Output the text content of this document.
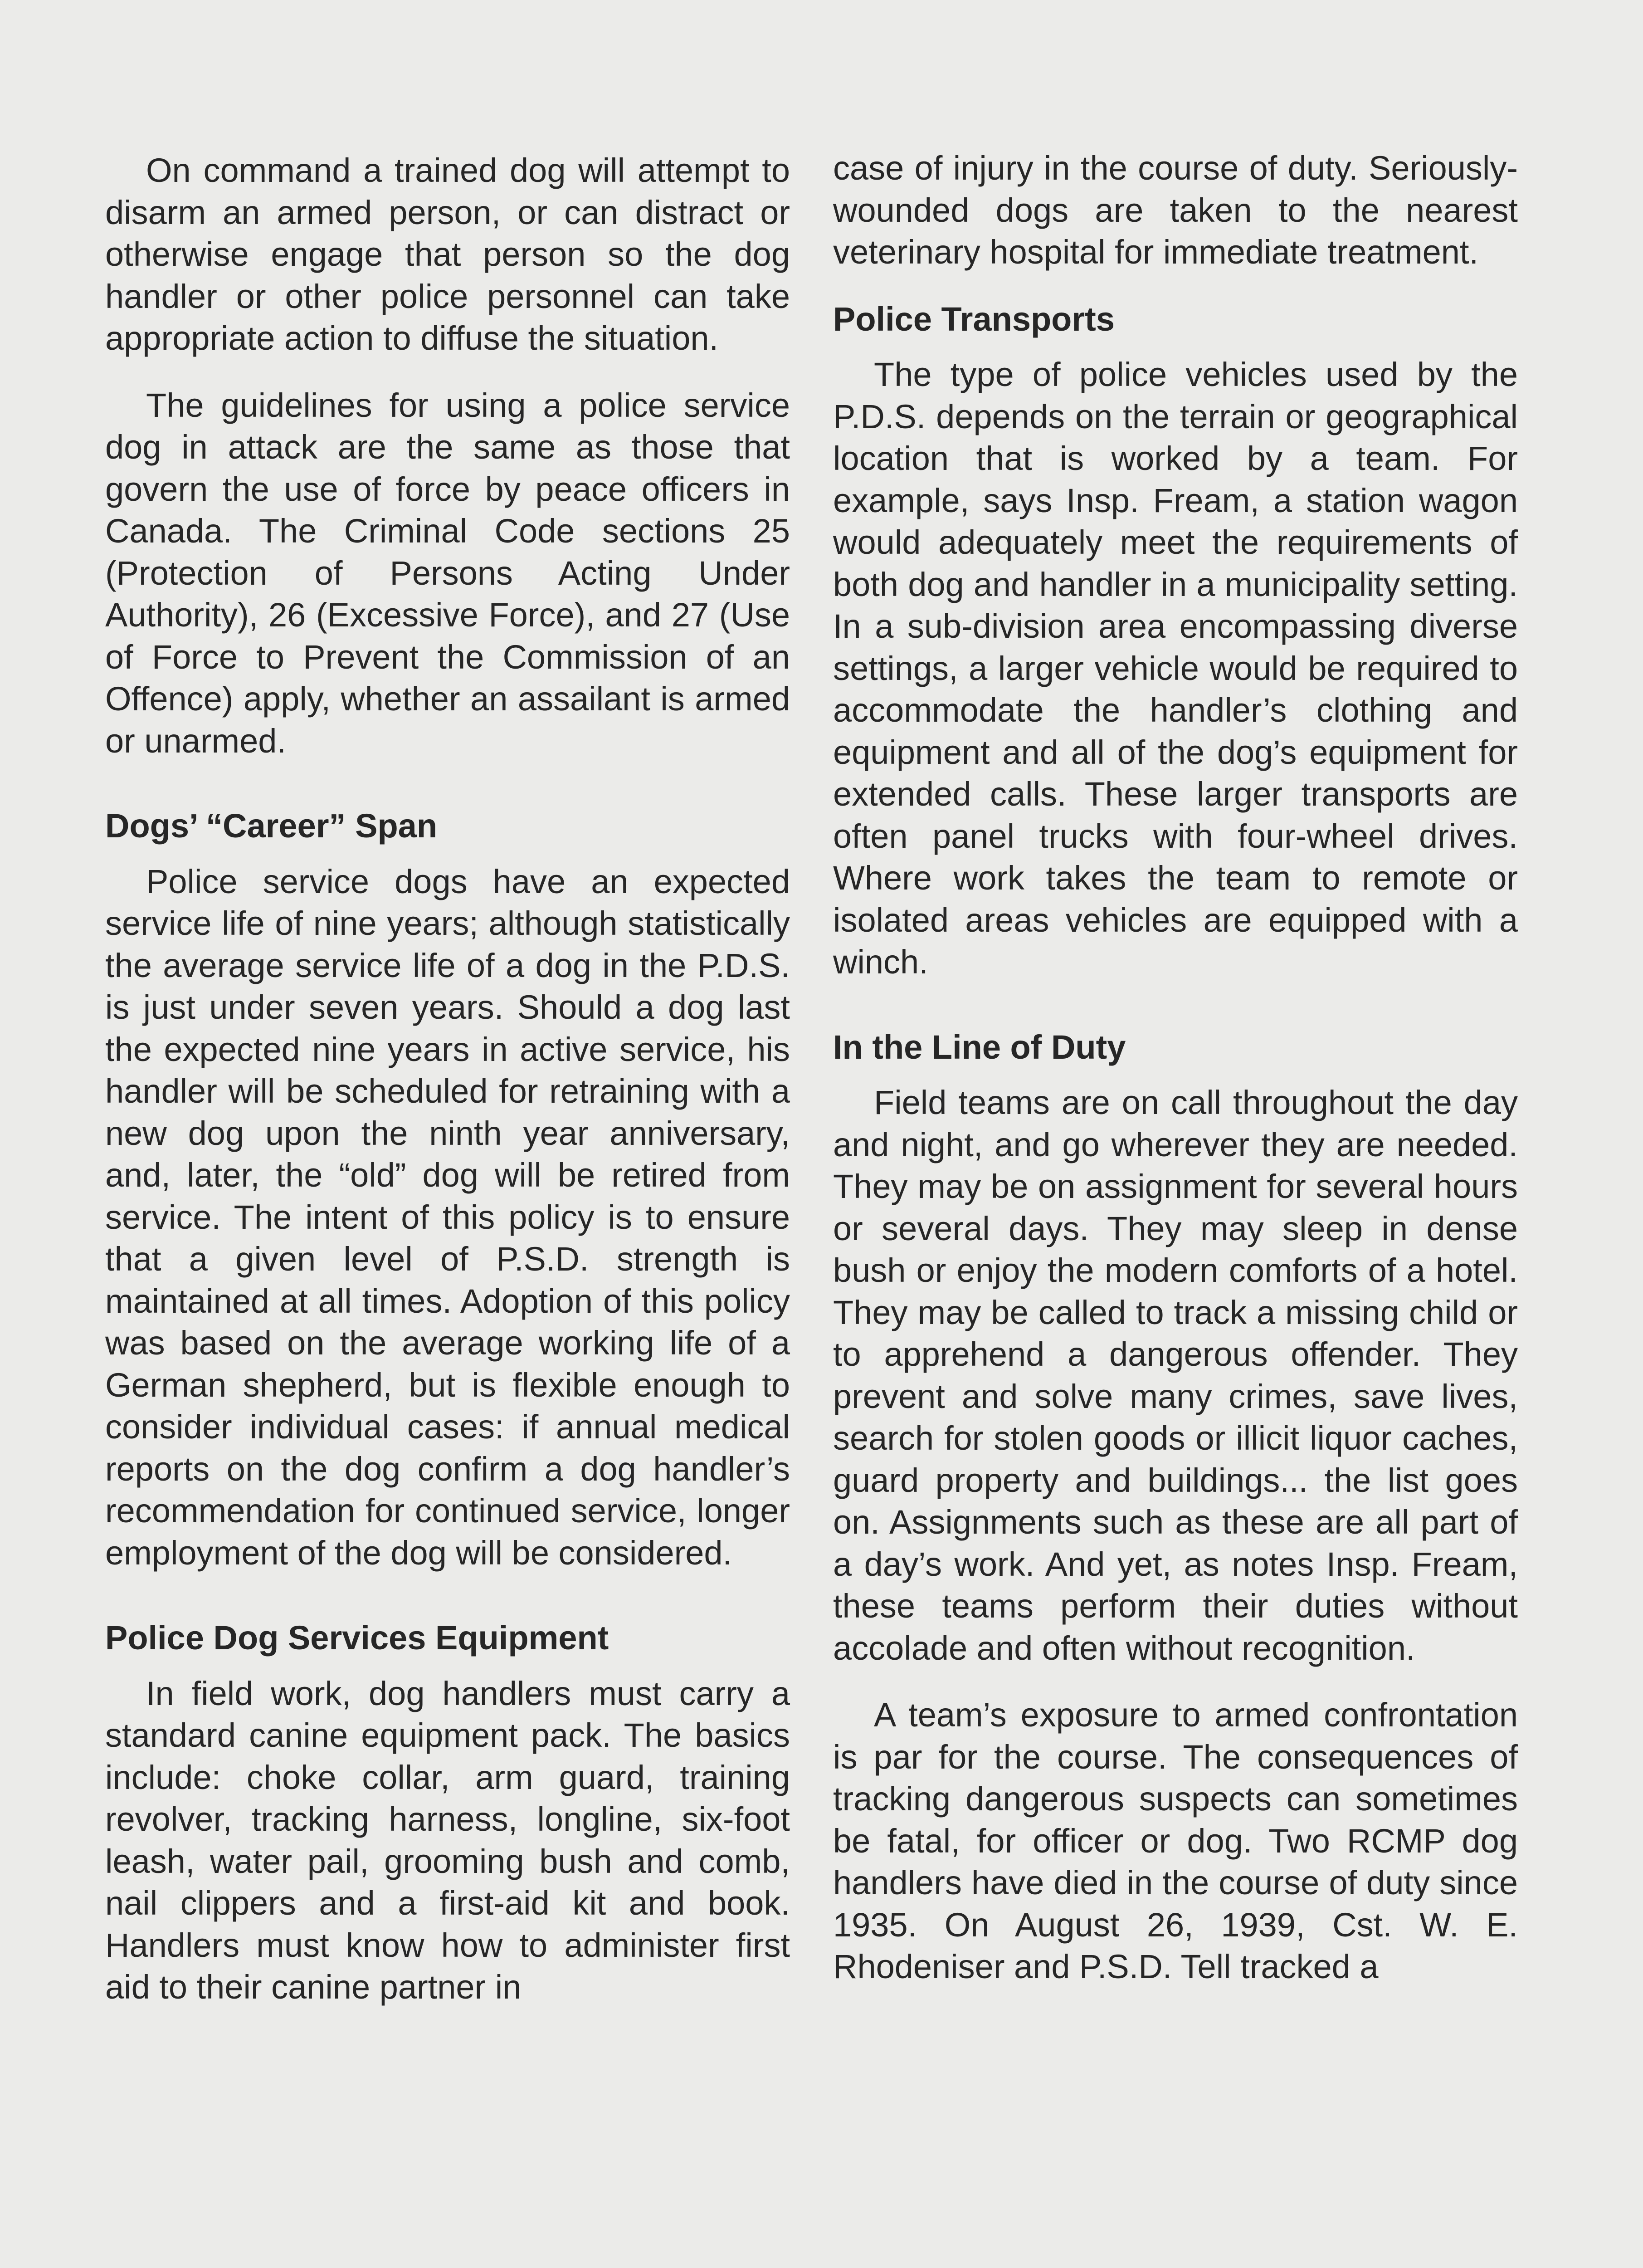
On command a trained dog will attempt to disarm an armed person, or can distract or otherwise engage that person so the dog handler or other police personnel can take appropriate action to diffuse the situation.

The guidelines for using a police service dog in attack are the same as those that govern the use of force by peace officers in Canada. The Criminal Code sections 25 (Protection of Persons Acting Under Authority), 26 (Excessive Force), and 27 (Use of Force to Prevent the Commission of an Offence) apply, whether an assailant is armed or unarmed.

Dogs’ “Career” Span

Police service dogs have an expected service life of nine years; although statistically the average service life of a dog in the P.D.S. is just under seven years. Should a dog last the expected nine years in active service, his handler will be scheduled for retraining with a new dog upon the ninth year anniversary, and, later, the “old” dog will be retired from service. The intent of this policy is to ensure that a given level of P.S.D. strength is maintained at all times. Adoption of this policy was based on the average working life of a German shepherd, but is flexible enough to consider individual cases: if annual medical reports on the dog confirm a dog handler’s recommendation for continued service, longer employment of the dog will be considered.

Police Dog Services Equipment

In field work, dog handlers must carry a standard canine equipment pack. The basics include: choke collar, arm guard, training revolver, tracking harness, longline, six-foot leash, water pail, grooming bush and comb, nail clippers and a first-aid kit and book. Handlers must know how to administer first aid to their canine partner in

case of injury in the course of duty. Seriously-wounded dogs are taken to the nearest veterinary hospital for immediate treatment.

Police Transports

The type of police vehicles used by the P.D.S. depends on the terrain or geographical location that is worked by a team. For example, says Insp. Fream, a station wagon would adequately meet the requirements of both dog and handler in a municipality setting. In a sub-division area encompassing diverse settings, a larger vehicle would be required to accommodate the handler’s clothing and equipment and all of the dog’s equipment for extended calls. These larger transports are often panel trucks with four-wheel drives. Where work takes the team to remote or isolated areas vehicles are equipped with a winch.

In the Line of Duty

Field teams are on call throughout the day and night, and go wherever they are needed. They may be on assignment for several hours or several days. They may sleep in dense bush or enjoy the modern comforts of a hotel. They may be called to track a missing child or to apprehend a dangerous offender. They prevent and solve many crimes, save lives, search for stolen goods or illicit liquor caches, guard property and buildings... the list goes on. Assignments such as these are all part of a day’s work. And yet, as notes Insp. Fream, these teams perform their duties without accolade and often without recognition.

A team’s exposure to armed confrontation is par for the course. The consequences of tracking dangerous suspects can sometimes be fatal, for officer or dog. Two RCMP dog handlers have died in the course of duty since 1935. On August 26, 1939, Cst. W. E. Rhodeniser and P.S.D. Tell tracked a
